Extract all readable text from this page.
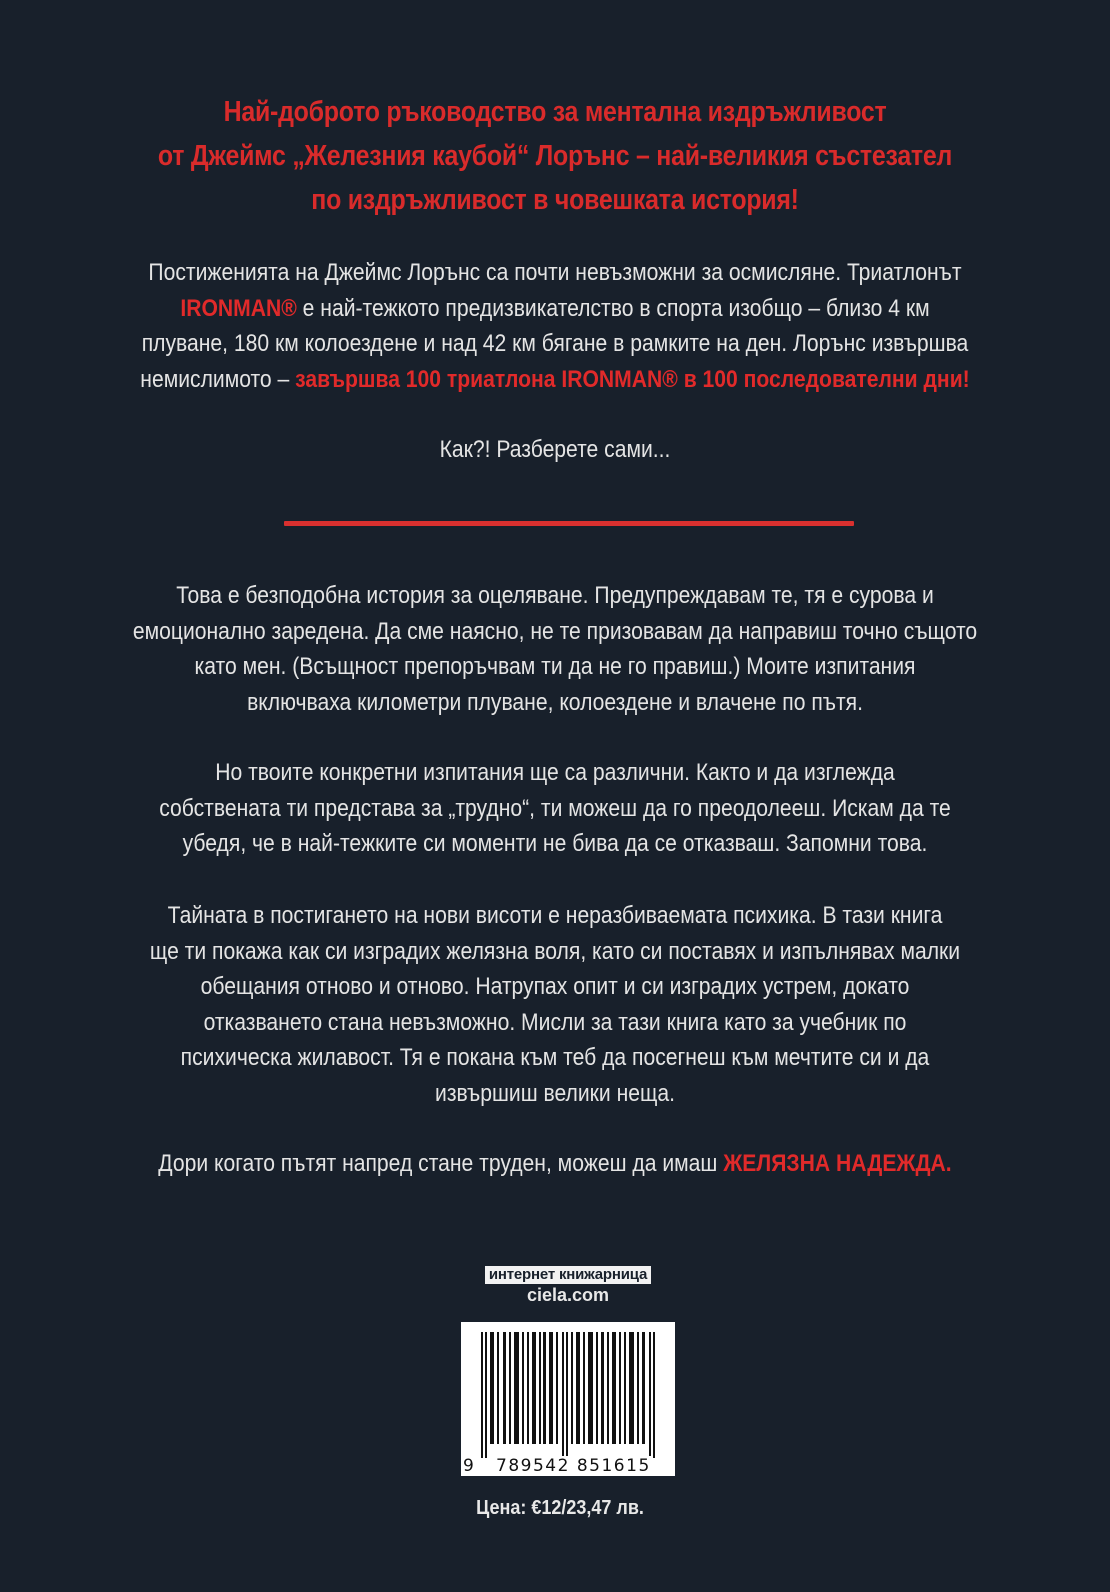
Най-доброто ръководство за ментална издръжливост
от Джеймс „Железния каубой“ Лорънс – най-великия състезател
по издръжливост в човешката история!
Постиженията на Джеймс Лорънс са почти невъзможни за осмисляне. Триатлонът
IRONMAN® е най-тежкото предизвикателство в спорта изобщо – близо 4 км
плуване, 180 км колоездене и над 42 км бягане в рамките на ден. Лорънс извършва
немислимото – завършва 100 триатлона IRONMAN® в 100 последователни дни!
Как?! Разберете сами...
Това е безподобна история за оцеляване. Предупреждавам те, тя е сурова и
емоционално заредена. Да сме наясно, не те призовавам да направиш точно същото
като мен. (Всъщност препоръчвам ти да не го правиш.) Моите изпитания
включваха километри плуване, колоездене и влачене по пътя.
Но твоите конкретни изпитания ще са различни. Както и да изглежда
собствената ти представа за „трудно“, ти можеш да го преодолееш. Искам да те
убедя, че в най-тежките си моменти не бива да се отказваш. Запомни това.
Тайната в постигането на нови висоти е неразбиваемата психика. В тази книга
ще ти покажа как си изградих желязна воля, като си поставях и изпълнявах малки
обещания отново и отново. Натрупах опит и си изградих устрем, докато
отказването стана невъзможно. Мисли за тази книга като за учебник по
психическа жилавост. Тя е покана към теб да посегнеш към мечтите си и да
извършиш велики неща.
Дори когато пътят напред стане труден, можеш да имаш ЖЕЛЯЗНА НАДЕЖДА.
интернет книжарница
ciela.com
9 789542 851615
Цена: €12/23,47 лв.
